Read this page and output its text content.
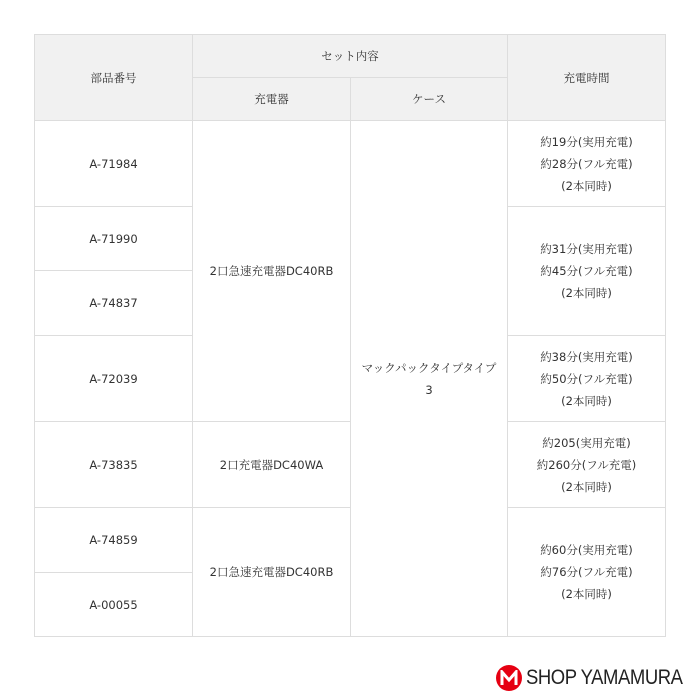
部品番号	セット内容		充電時間
	充電器	ケース	
A-71984	2口急速充電器DC40RB	マックパックタイプタイプ3	約19分(実用充電)
約28分(フル充電)
(2本同時)

A-71990			約31分(実用充電)
約45分(フル充電)
(2本同時)

A-74837			
A-72039			約38分(実用充電)
約50分(フル充電)
(2本同時)

A-73835	2口充電器DC40WA		約205(実用充電)
約260分(フル充電)
(2本同時)

A-74859	2口急速充電器DC40RB		約60分(実用充電)
約76分(フル充電)
(2本同時)

A-00055			
SHOP YAMAMURA
